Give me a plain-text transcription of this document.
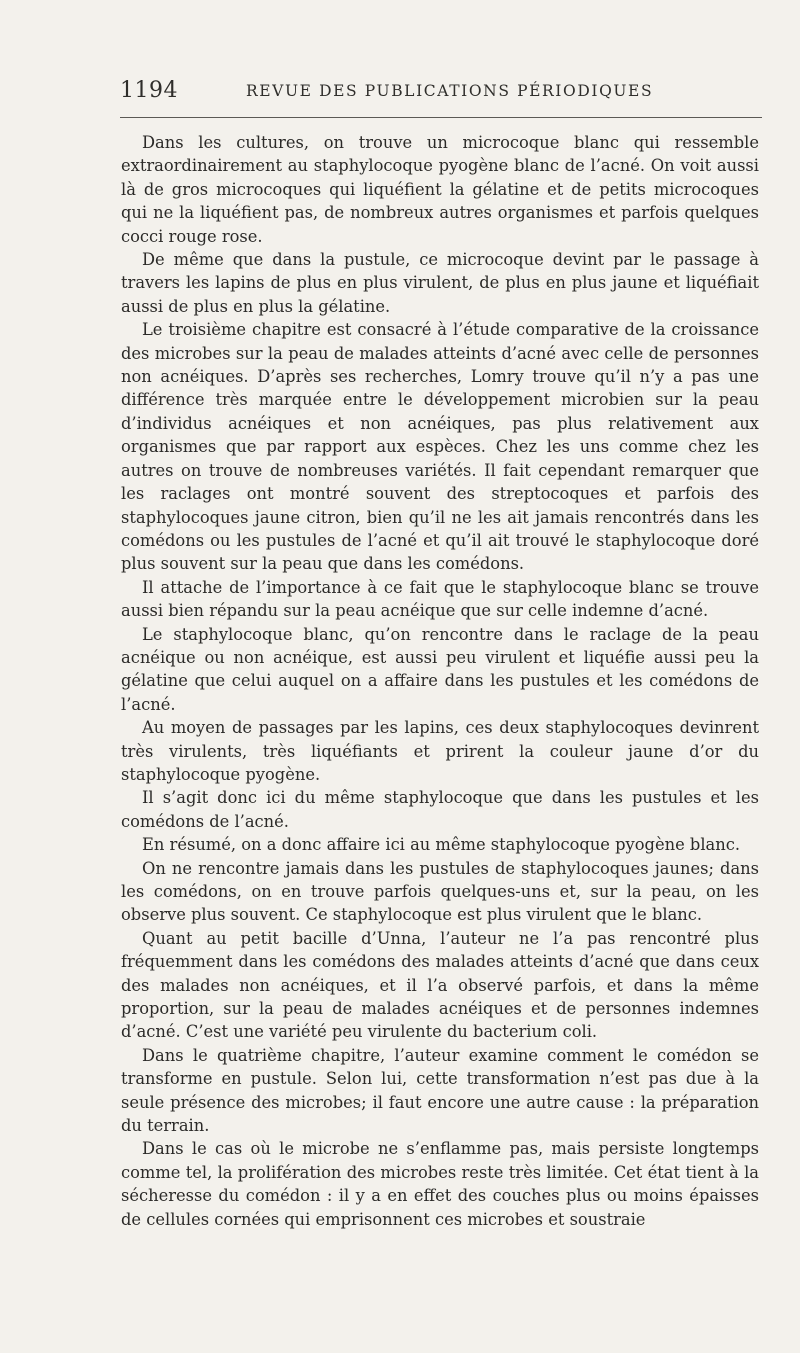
1194	REVUE DES PUBLICATIONS PÉRIODIQUES

Dans les cultures, on trouve un microcoque blanc qui ressemble extraordinairement au staphylocoque pyogène blanc de l’acné. On voit aussi là de gros microcoques qui liquéfient la gélatine et de petits microcoques qui ne la liquéfient pas, de nombreux autres organismes et parfois quelques cocci rouge rose.

De même que dans la pustule, ce microcoque devint par le passage à travers les lapins de plus en plus virulent, de plus en plus jaune et liquéfiait aussi de plus en plus la gélatine.

Le troisième chapitre est consacré à l’étude comparative de la croissance des microbes sur la peau de malades atteints d’acné avec celle de personnes non acnéiques. D’après ses recherches, Lomry trouve qu’il n’y a pas une différence très marquée entre le développement microbien sur la peau d’individus acnéiques et non acnéiques, pas plus relativement aux organismes que par rapport aux espèces. Chez les uns comme chez les autres on trouve de nombreuses variétés. Il fait cependant remarquer que les raclages ont montré souvent des streptocoques et parfois des staphylocoques jaune citron, bien qu’il ne les ait jamais rencontrés dans les comédons ou les pustules de l’acné et qu’il ait trouvé le staphylocoque doré plus souvent sur la peau que dans les comédons.

Il attache de l’importance à ce fait que le staphylocoque blanc se trouve aussi bien répandu sur la peau acnéique que sur celle indemne d’acné.

Le staphylocoque blanc, qu’on rencontre dans le raclage de la peau acnéique ou non acnéique, est aussi peu virulent et liquéfie aussi peu la gélatine que celui auquel on a affaire dans les pustules et les comédons de l’acné.

Au moyen de passages par les lapins, ces deux staphylocoques devinrent très virulents, très liquéfiants et prirent la couleur jaune d’or du staphylocoque pyogène.

Il s’agit donc ici du même staphylocoque que dans les pustules et les comédons de l’acné.

En résumé, on a donc affaire ici au même staphylocoque pyogène blanc.

On ne rencontre jamais dans les pustules de staphylocoques jaunes; dans les comédons, on en trouve parfois quelques-uns et, sur la peau, on les observe plus souvent. Ce staphylocoque est plus virulent que le blanc.

Quant au petit bacille d’Unna, l’auteur ne l’a pas rencontré plus fréquemment dans les comédons des malades atteints d’acné que dans ceux des malades non acnéiques, et il l’a observé parfois, et dans la même proportion, sur la peau de malades acnéiques et de personnes indemnes d’acné. C’est une variété peu virulente du bacterium coli.

Dans le quatrième chapitre, l’auteur examine comment le comédon se transforme en pustule. Selon lui, cette transformation n’est pas due à la seule présence des microbes; il faut encore une autre cause : la préparation du terrain.

Dans le cas où le microbe ne s’enflamme pas, mais persiste longtemps comme tel, la prolifération des microbes reste très limitée. Cet état tient à la sécheresse du comédon : il y a en effet des couches plus ou moins épaisses de cellules cornées qui emprisonnent ces microbes et soustraie
